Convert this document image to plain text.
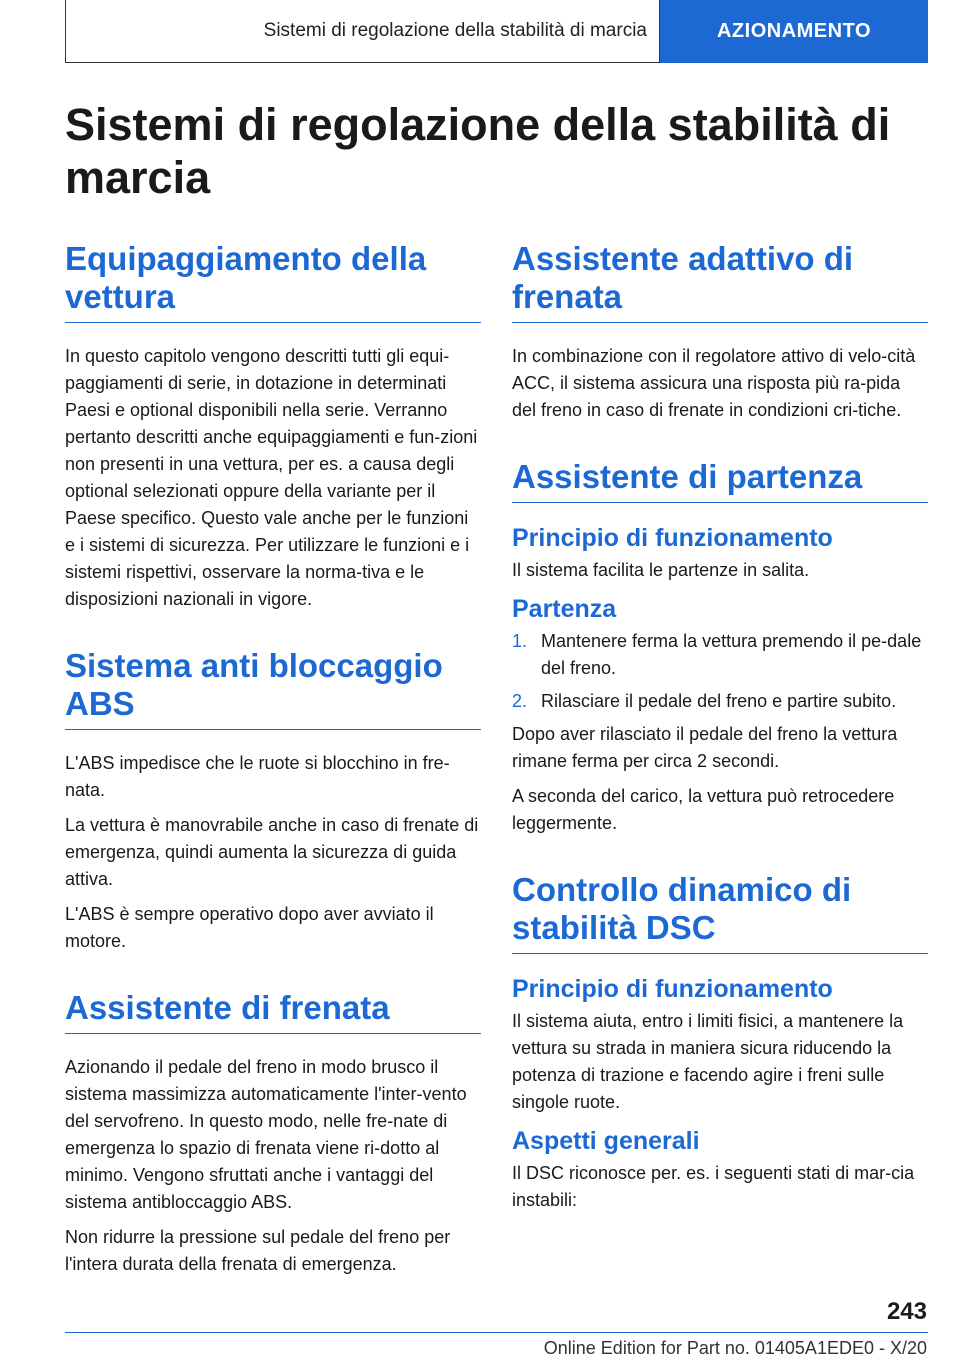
Sistemi di regolazione della stabilità di marcia	AZIONAMENTO
Sistemi di regolazione della stabilità di marcia
Equipaggiamento della vettura

In questo capitolo vengono descritti tutti gli equi-paggiamenti di serie, in dotazione in determinati Paesi e optional disponibili nella serie. Verranno pertanto descritti anche equipaggiamenti e fun-zioni non presenti in una vettura, per es. a causa degli optional selezionati oppure della variante per il Paese specifico. Questo vale anche per le funzioni e i sistemi di sicurezza. Per utilizzare le funzioni e i sistemi rispettivi, osservare la norma-tiva e le disposizioni nazionali in vigore.

Sistema anti bloccaggio ABS

L'ABS impedisce che le ruote si blocchino in fre-nata.

La vettura è manovrabile anche in caso di frenate di emergenza, quindi aumenta la sicurezza di guida attiva.

L'ABS è sempre operativo dopo aver avviato il motore.

Assistente di frenata

Azionando il pedale del freno in modo brusco il sistema massimizza automaticamente l'inter-vento del servofreno. In questo modo, nelle fre-nate di emergenza lo spazio di frenata viene ri-dotto al minimo. Vengono sfruttati anche i vantaggi del sistema antibloccaggio ABS.

Non ridurre la pressione sul pedale del freno per l'intera durata della frenata di emergenza.

Assistente adattivo di frenata

In combinazione con il regolatore attivo di velo-cità ACC, il sistema assicura una risposta più ra-pida del freno in caso di frenate in condizioni cri-tiche.

Assistente di partenza
Principio di funzionamento

Il sistema facilita le partenze in salita.

Partenza
1. Mantenere ferma la vettura premendo il pe-dale del freno.
2. Rilasciare il pedale del freno e partire subito.

Dopo aver rilasciato il pedale del freno la vettura rimane ferma per circa 2 secondi.

A seconda del carico, la vettura può retrocedere leggermente.

Controllo dinamico di stabilità DSC
Principio di funzionamento

Il sistema aiuta, entro i limiti fisici, a mantenere la vettura su strada in maniera sicura riducendo la potenza di trazione e facendo agire i freni sulle singole ruote.

Aspetti generali

Il DSC riconosce per. es. i seguenti stati di mar-cia instabili:

243
Online Edition for Part no. 01405A1EDE0 - X/20
